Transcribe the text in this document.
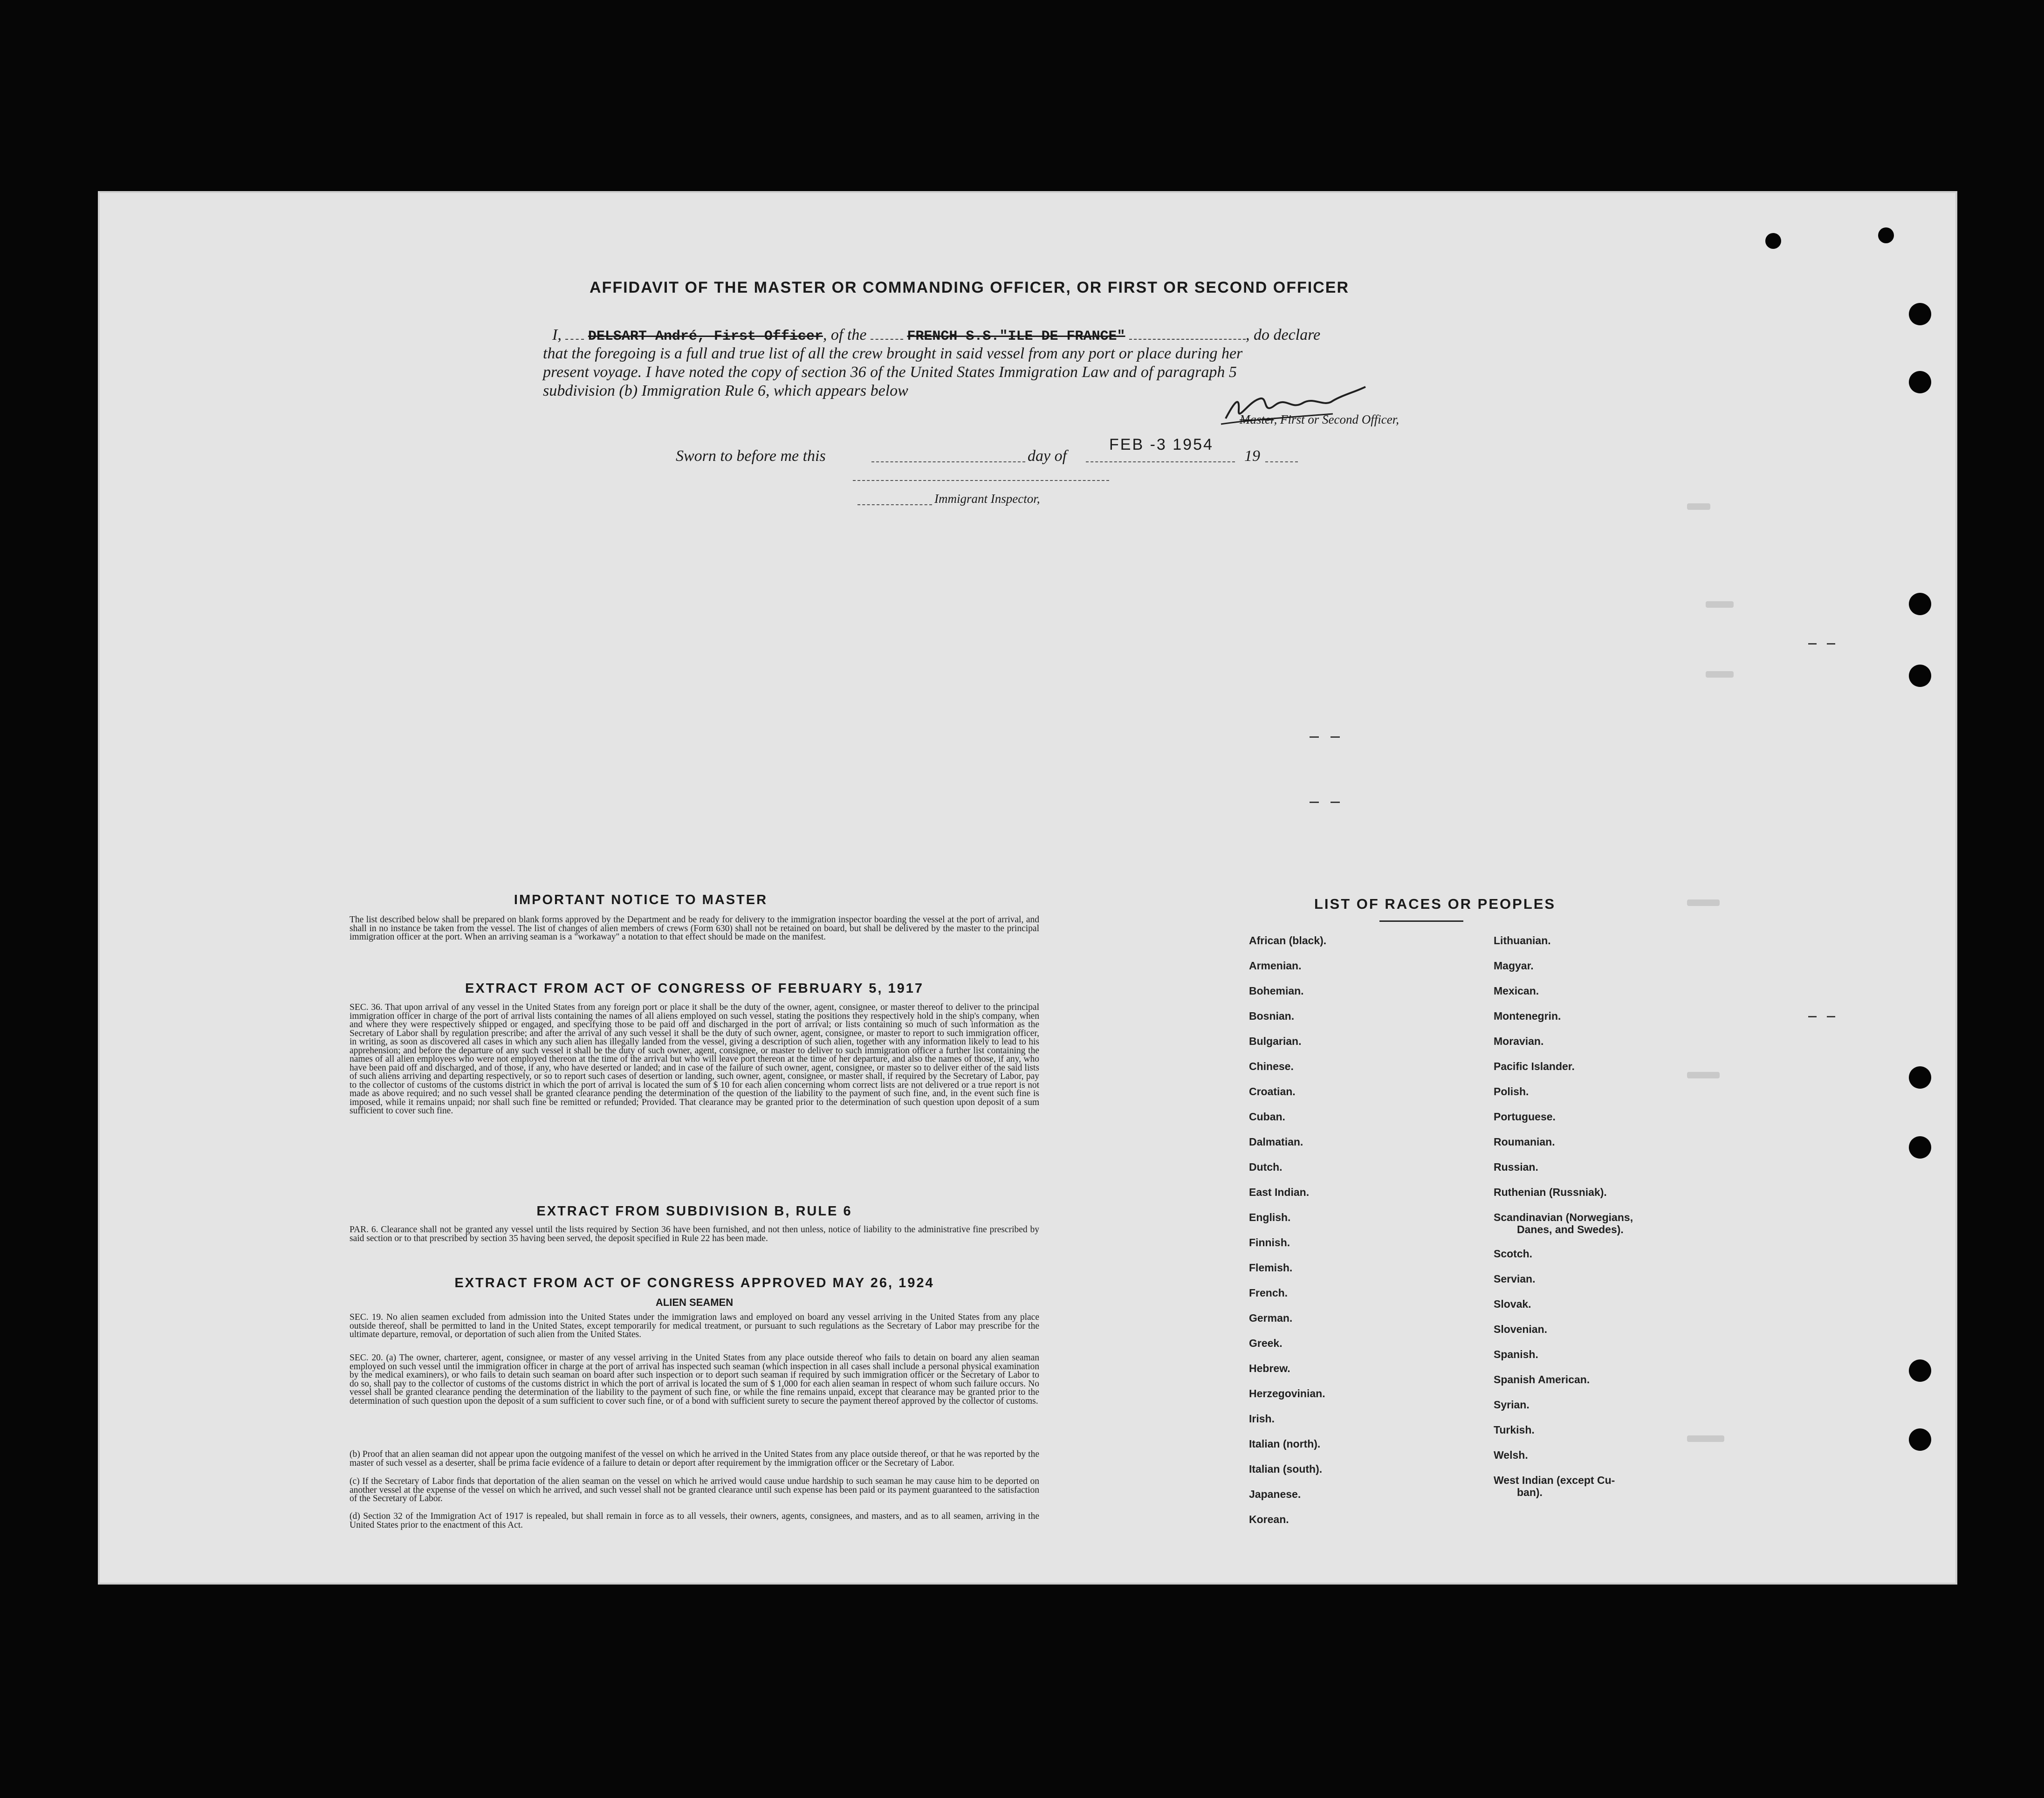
AFFIDAVIT OF THE MASTER OR COMMANDING OFFICER, OR FIRST OR SECOND OFFICER
I, DELSART André, First Officer, of the	FRENCH S.S."ILE DE FRANCE"	, do declare
that the foregoing is a full and true list of all the crew brought in said vessel from any port or place during her
present voyage. I have noted the copy of section 36 of the United States Immigration Law and of paragraph 5
subdivision (b) Immigration Rule 6, which appears below
Master, First or Second Officer,
Sworn to before me this	day of
FEB -3 1954
19
Immigrant Inspector,
IMPORTANT NOTICE TO MASTER
The list described below shall be prepared on blank forms approved by the Department and be ready for delivery to the immigration inspector boarding the vessel at the port of arrival, and shall in no instance be taken from the vessel. The list of changes of alien members of crews (Form 630) shall not be retained on board, but shall be delivered by the master to the principal immigration officer at the port. When an arriving seaman is a "workaway" a notation to that effect should be made on the manifest.
EXTRACT FROM ACT OF CONGRESS OF FEBRUARY 5, 1917
SEC. 36. That upon arrival of any vessel in the United States from any foreign port or place it shall be the duty of the owner, agent, consignee, or master thereof to deliver to the principal immigration officer in charge of the port of arrival lists containing the names of all aliens employed on such vessel, stating the positions they respectively hold in the ship's company, when and where they were respectively shipped or engaged, and specifying those to be paid off and discharged in the port of arrival; or lists containing so much of such information as the Secretary of Labor shall by regulation prescribe; and after the arrival of any such vessel it shall be the duty of such owner, agent, consignee, or master to report to such immigration officer, in writing, as soon as discovered all cases in which any such alien has illegally landed from the vessel, giving a description of such alien, together with any information likely to lead to his apprehension; and before the departure of any such vessel it shall be the duty of such owner, agent, consignee, or master to deliver to such immigration officer a further list containing the names of all alien employees who were not employed thereon at the time of the arrival but who will leave port thereon at the time of her departure, and also the names of those, if any, who have been paid off and discharged, and of those, if any, who have deserted or landed; and in case of the failure of such owner, agent, consignee, or master so to deliver either of the said lists of such aliens arriving and departing respectively, or so to report such cases of desertion or landing, such owner, agent, consignee, or master shall, if required by the Secretary of Labor, pay to the collector of customs of the customs district in which the port of arrival is located the sum of $ 10 for each alien concerning whom correct lists are not delivered or a true report is not made as above required; and no such vessel shall be granted clearance pending the determination of the question of the liability to the payment of such fine, and, in the event such fine is imposed, while it remains unpaid; nor shall such fine be remitted or refunded; Provided. That clearance may be granted prior to the determination of such question upon deposit of a sum sufficient to cover such fine.
EXTRACT FROM SUBDIVISION B, RULE 6
PAR. 6. Clearance shall not be granted any vessel until the lists required by Section 36 have been furnished, and not then unless, notice of liability to the administrative fine prescribed by said section or to that prescribed by section 35 having been served, the deposit specified in Rule 22 has been made.
EXTRACT FROM ACT OF CONGRESS APPROVED MAY 26, 1924
ALIEN SEAMEN
SEC. 19. No alien seamen excluded from admission into the United States under the immigration laws and employed on board any vessel arriving in the United States from any place outside thereof, shall be permitted to land in the United States, except temporarily for medical treatment, or pursuant to such regulations as the Secretary of Labor may prescribe for the ultimate departure, removal, or deportation of such alien from the United States.
SEC. 20. (a) The owner, charterer, agent, consignee, or master of any vessel arriving in the United States from any place outside thereof who fails to detain on board any alien seaman employed on such vessel until the immigration officer in charge at the port of arrival has inspected such seaman (which inspection in all cases shall include a personal physical examination by the medical examiners), or who fails to detain such seaman on board after such inspection or to deport such seaman if required by such immigration officer or the Secretary of Labor to do so, shall pay to the collector of customs of the customs district in which the port of arrival is located the sum of $ 1,000 for each alien seaman in respect of whom such failure occurs. No vessel shall be granted clearance pending the determination of the liability to the payment of such fine, or while the fine remains unpaid, except that clearance may be granted prior to the determination of such question upon the deposit of a sum sufficient to cover such fine, or of a bond with sufficient surety to secure the payment thereof approved by the collector of customs.
(b) Proof that an alien seaman did not appear upon the outgoing manifest of the vessel on which he arrived in the United States from any place outside thereof, or that he was reported by the master of such vessel as a deserter, shall be prima facie evidence of a failure to detain or deport after requirement by the immigration officer or the Secretary of Labor.
(c) If the Secretary of Labor finds that deportation of the alien seaman on the vessel on which he arrived would cause undue hardship to such seaman he may cause him to be deported on another vessel at the expense of the vessel on which he arrived, and such vessel shall not be granted clearance until such expense has been paid or its payment guaranteed to the satisfaction of the Secretary of Labor.
(d) Section 32 of the Immigration Act of 1917 is repealed, but shall remain in force as to all vessels, their owners, agents, consignees, and masters, and as to all seamen, arriving in the United States prior to the enactment of this Act.
LIST OF RACES OR PEOPLES
African (black).
Armenian.
Bohemian.
Bosnian.
Bulgarian.
Chinese.
Croatian.
Cuban.
Dalmatian.
Dutch.
East Indian.
English.
Finnish.
Flemish.
French.
German.
Greek.
Hebrew.
Herzegovinian.
Irish.
Italian (north).
Italian (south).
Japanese.
Korean.
Lithuanian.
Magyar.
Mexican.
Montenegrin.
Moravian.
Pacific Islander.
Polish.
Portuguese.
Roumanian.
Russian.
Ruthenian (Russniak).
Scandinavian (Norwegians,
Danes, and Swedes).
Scotch.
Servian.
Slovak.
Slovenian.
Spanish.
Spanish American.
Syrian.
Turkish.
Welsh.
West Indian (except Cu-
ban).
